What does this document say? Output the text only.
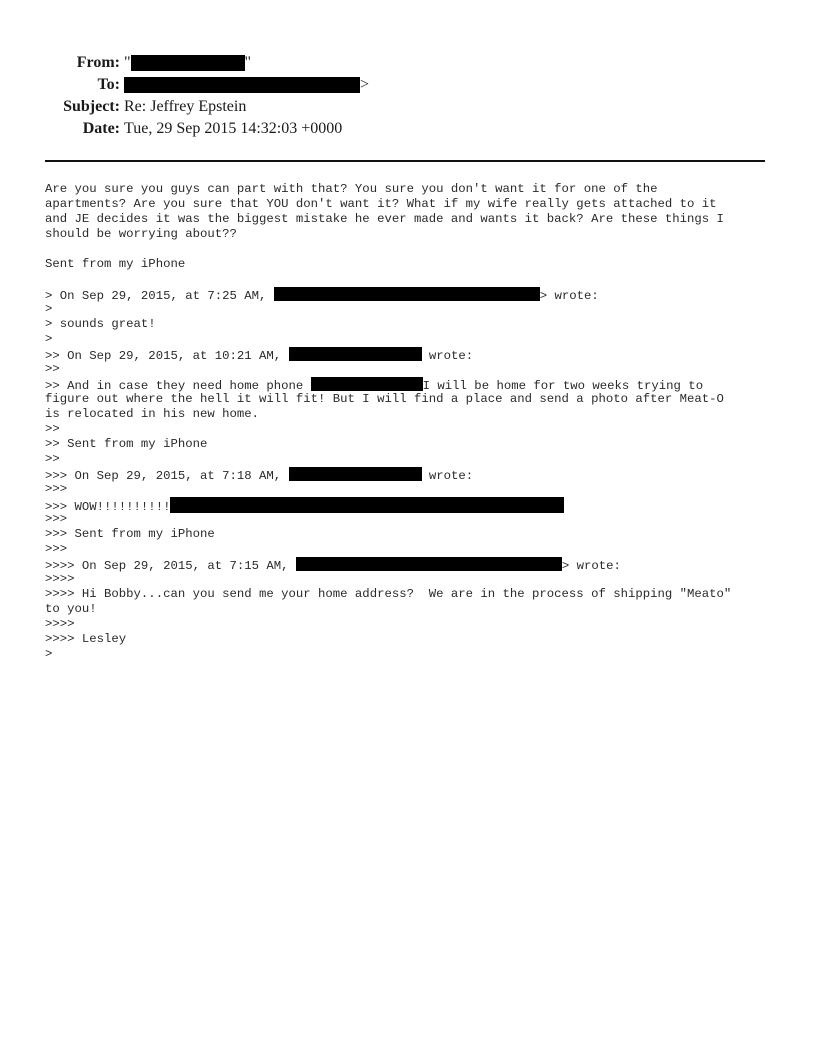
From: "	"
To:	>
Subject: Re: Jeffrey Epstein
Date: Tue, 29 Sep 2015 14:32:03 +0000
Are you sure you guys can part with that? You sure you don't want it for one of the
apartments? Are you sure that YOU don't want it? What if my wife really gets attached to it
and JE decides it was the biggest mistake he ever made and wants it back? Are these things I
should be worrying about??
Sent from my iPhone
> On Sep 29, 2015, at 7:25 AM,	> wrote:
>
> sounds great!
>
>> On Sep 29, 2015, at 10:21 AM,	wrote:
>>
>> And in case they need home phone	I will be home for two weeks trying to
figure out where the hell it will fit! But I will find a place and send a photo after Meat-O
is relocated in his new home.
>>
>> Sent from my iPhone
>>
>>> On Sep 29, 2015, at 7:18 AM,	wrote:
>>>
>>> WOW!!!!!!!!!!
>>>
>>> Sent from my iPhone
>>>
>>>> On Sep 29, 2015, at 7:15 AM,	> wrote:
>>>>
>>>> Hi Bobby...can you send me your home address?  We are in the process of shipping "Meato"
to you!
>>>>
>>>> Lesley
>
